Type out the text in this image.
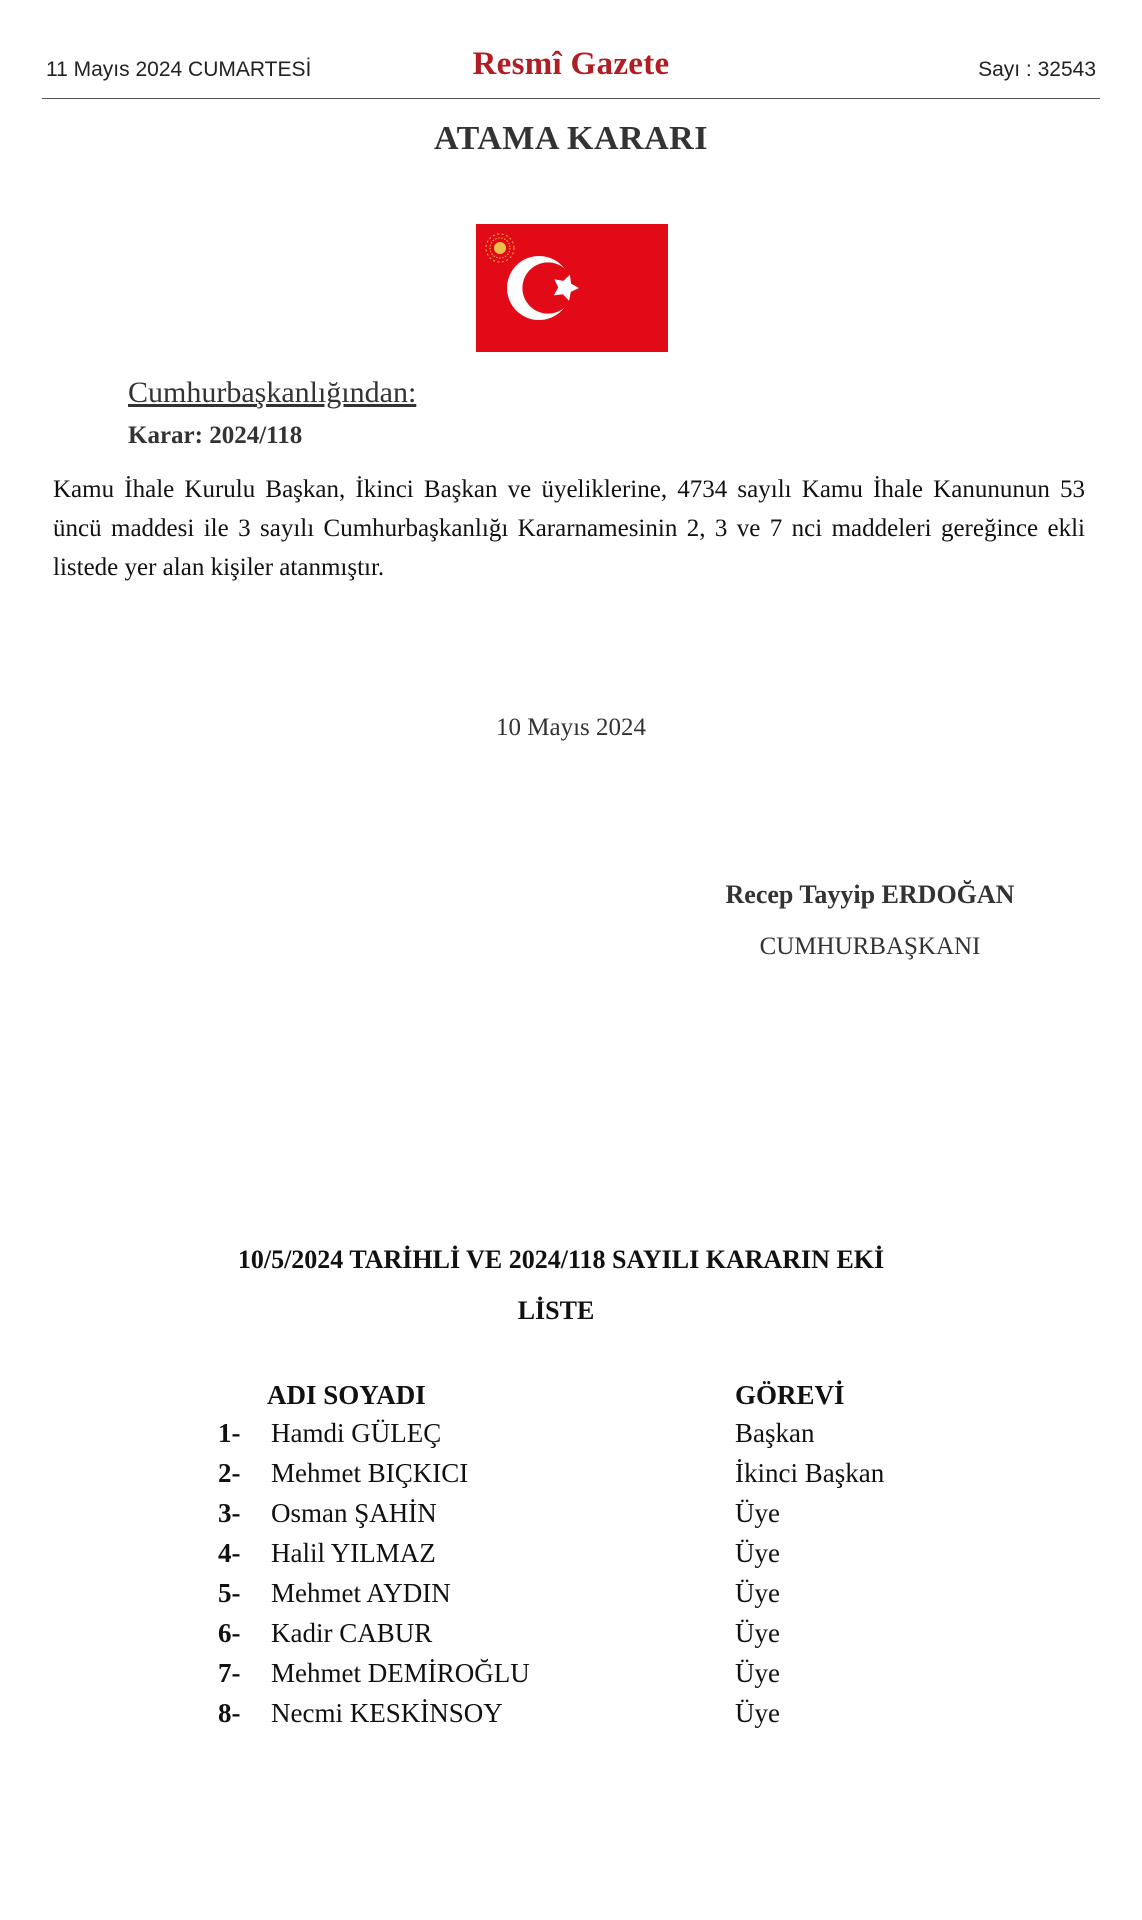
11 Mayıs 2024 CUMARTESİ	Resmî Gazete	Sayı : 32543
ATAMA KARARI
Cumhurbaşkanlığından:
Karar: 2024/118
Kamu İhale Kurulu Başkan, İkinci Başkan ve üyeliklerine, 4734 sayılı Kamu İhale Kanununun 53 üncü maddesi ile 3 sayılı Cumhurbaşkanlığı Kararnamesinin 2, 3 ve 7 nci maddeleri gereğince ekli listede yer alan kişiler atanmıştır.
10 Mayıs 2024
Recep Tayyip ERDOĞAN
CUMHURBAŞKANI
10/5/2024 TARİHLİ VE 2024/118 SAYILI KARARIN EKİ
LİSTE
ADI SOYADI	GÖREVİ
1- Hamdi GÜLEÇ	Başkan
2- Mehmet BIÇKICI	İkinci Başkan
3- Osman ŞAHİN	Üye
4- Halil YILMAZ	Üye
5- Mehmet AYDIN	Üye
6- Kadir CABUR	Üye
7- Mehmet DEMİROĞLU	Üye
8- Necmi KESKİNSOY	Üye
